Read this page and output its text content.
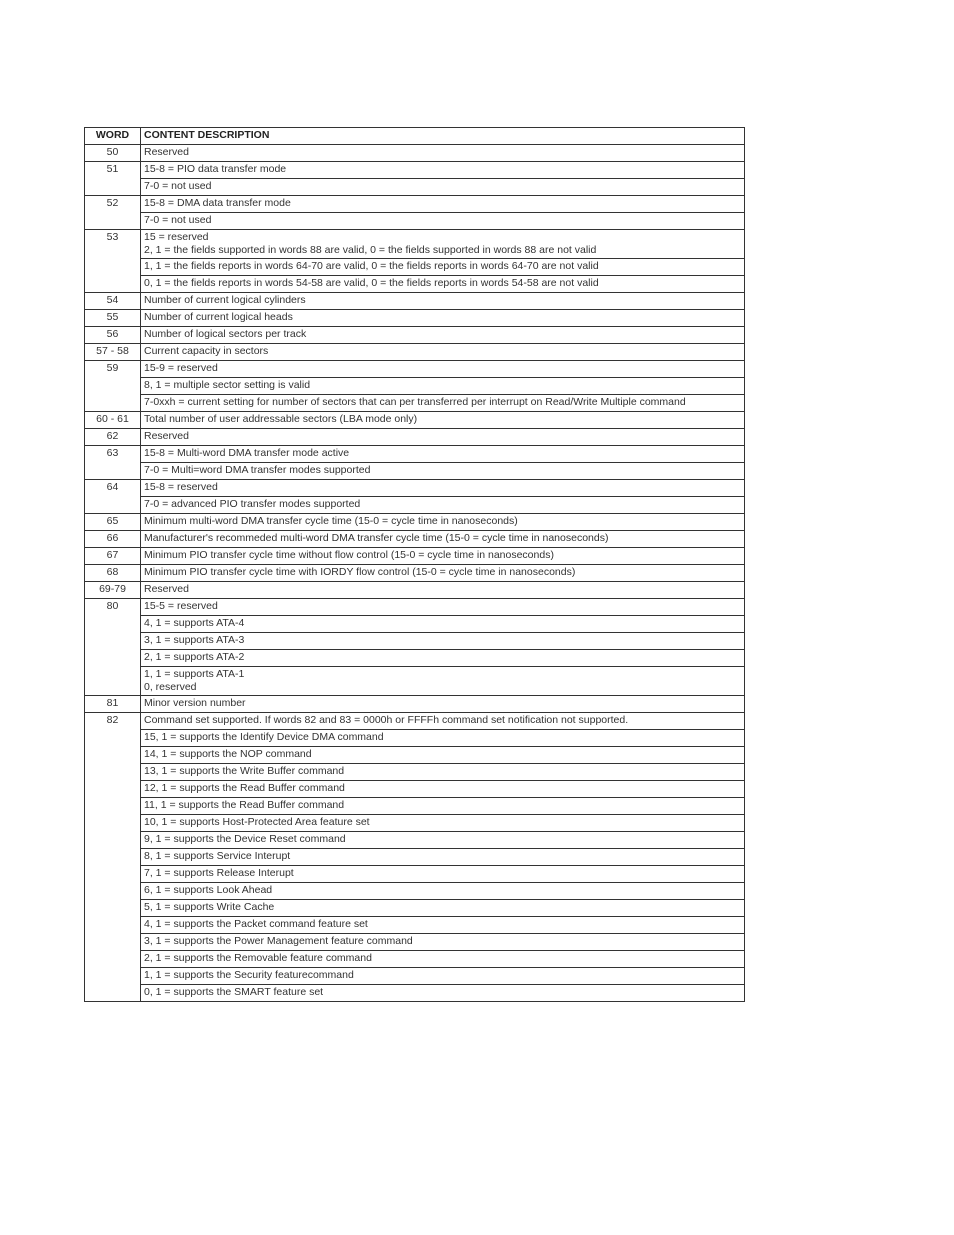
WORD	CONTENT DESCRIPTION
50	Reserved
51	15-8 = PIO data transfer mode
	7-0 = not used
52	15-8 = DMA data transfer mode
	7-0 = not used
53	15 = reserved
2, 1 = the fields supported in words 88 are valid, 0 = the fields supported in words 88 are not valid
	1, 1 = the fields reports in words 64-70 are valid, 0 = the fields reports in words 64-70 are not valid
	0, 1 = the fields reports in words 54-58 are valid, 0 = the fields reports in words 54-58 are not valid
54	Number of current logical cylinders
55	Number of current logical heads
56	Number of logical sectors per track
57 - 58	Current capacity in sectors
59	15-9 = reserved
	8, 1 = multiple sector setting is valid
	7-0xxh = current setting for number of sectors that can per transferred per interrupt on Read/Write Multiple command
60 - 61	Total number of user addressable sectors (LBA mode only)
62	Reserved
63	15-8 = Multi-word DMA transfer mode active
	7-0 = Multi=word DMA transfer modes supported
64	15-8 = reserved
	7-0 = advanced PIO transfer modes supported
65	Minimum multi-word DMA transfer cycle time (15-0 = cycle time in nanoseconds)
66	Manufacturer's recommeded multi-word DMA transfer cycle time (15-0 = cycle time in nanoseconds)
67	Minimum PIO transfer cycle time without flow control (15-0 = cycle time in nanoseconds)
68	Minimum PIO transfer cycle time with IORDY flow control (15-0 = cycle time in nanoseconds)
69-79	Reserved
80	15-5 = reserved
	4, 1 = supports ATA-4
	3, 1 = supports ATA-3
	2, 1 = supports ATA-2
	1, 1 = supports ATA-1
0, reserved
81	Minor version number
82	Command set supported. If words 82 and 83 = 0000h or FFFFh command set notification not supported.
	15, 1 = supports the Identify Device DMA command
	14, 1 = supports the NOP command
	13, 1 = supports the Write Buffer command
	12, 1 = supports the Read Buffer command
	11, 1 = supports the Read Buffer command
	10, 1 = supports Host-Protected Area feature set
	9, 1 = supports the Device Reset command
	8, 1 = supports Service Interupt
	7, 1 = supports Release Interupt
	6, 1 = supports Look Ahead
	5, 1 = supports Write Cache
	4, 1 = supports the Packet command feature set
	3, 1 = supports the Power Management feature command
	2, 1 = supports the Removable feature command
	1, 1 = supports the Security featurecommand
	0, 1 = supports the SMART feature set
